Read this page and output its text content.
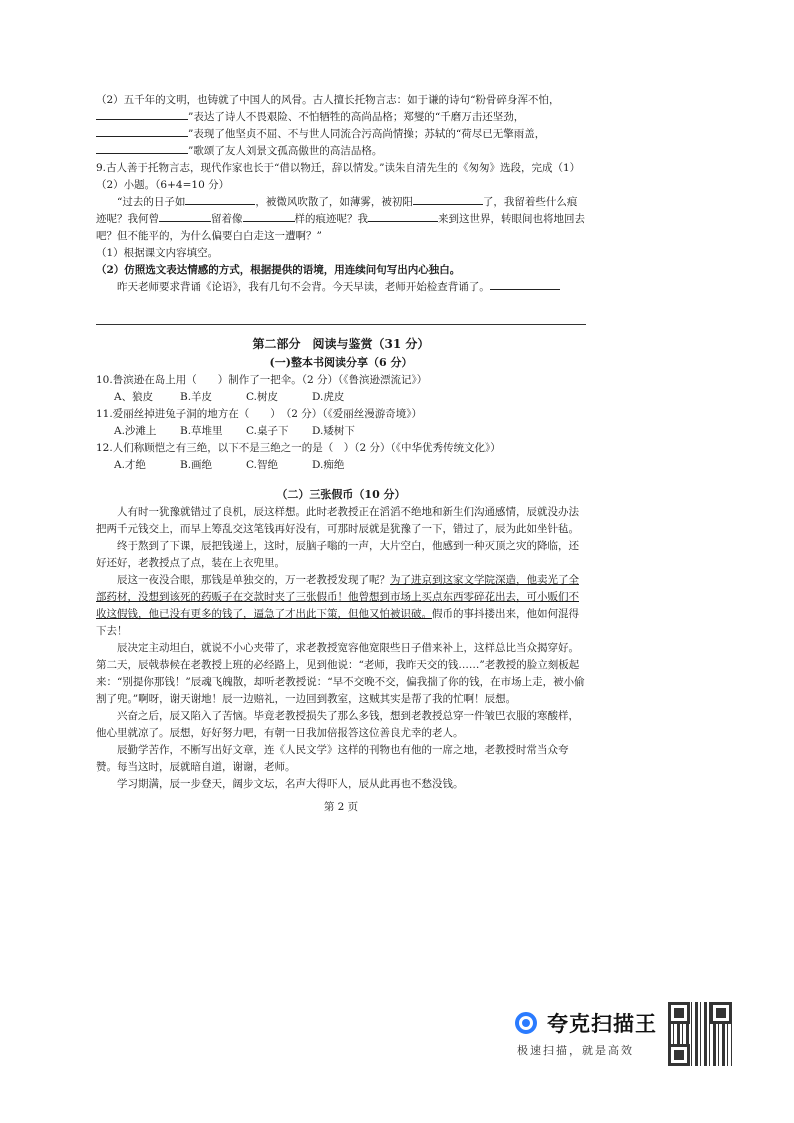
（2）五千年的文明，也铸就了中国人的风骨。古人擅长托物言志：如于谦的诗句“粉骨碎身浑不怕，”表达了诗人不畏艰险、不怕牺牲的高尚品格；郑燮的“千磨万击还坚劲，”表现了他坚贞不屈、不与世人同流合污高尚情操；苏轼的“荷尽已无擎雨盖，”歌颂了友人刘景文孤高傲世的高洁品格。

9.古人善于托物言志，现代作家也长于“借以物迁，辞以情发。”读朱自清先生的《匆匆》选段，完成（1）（2）小题。（6+4=10 分）

“过去的日子如	，被微风吹散了，如薄雾，被初阳	了，我留着些什么痕迹呢？我何曾	留着像	样的痕迹呢？我	来到这世界，转眼间也将地回去吧？但不能平的，为什么偏要白白走这一遭啊？”

（1）根据课文内容填空。

（2）仿照选文表达情感的方式，根据提供的语境，用连续问句写出内心独白。

昨天老师要求背诵《论语》，我有几句不会背。今天早读，老师开始检查背诵了。

第二部分　阅读与鉴赏（31 分）
(一)整本书阅读分享（6 分）

10.鲁滨逊在岛上用（　　）制作了一把伞。（2 分）（《鲁滨逊漂流记》）

A、狼皮	B.羊皮	C.树皮	D.虎皮

11.爱丽丝掉进兔子洞的地方在（　　）　（2 分）（《爱丽丝漫游奇境》）

A.沙滩上	B.草堆里	C.桌子下	D.矮树下

12.人们称顾恺之有三绝，以下不是三绝之一的是（　）（2 分）（《中华优秀传统文化》）

A.才绝	B.画绝	C.智绝	D.痴绝
（二）三张假币（10 分）

人有时一犹豫就错过了良机，辰这样想。此时老教授正在滔滔不绝地和新生们沟通感情，辰就没办法把两千元钱交上，而早上筹乱交这笔钱再好没有，可那时辰就是犹豫了一下，错过了，辰为此如坐针毡。

终于熬到了下课，辰把钱递上，这时，辰脑子嗡的一声，大片空白，他感到一种灭顶之灾的降临，还好还好，老教授点了点，装在上衣兜里。

辰这一夜没合眼，那钱是单独交的，万一老教授发现了呢？为了进京到这家文学院深造，他卖光了全部药材，没想到该死的药贩子在交款时夹了三张假币！他曾想到市场上买点东西零碎花出去，可小贩们不收这假钱，他已没有更多的钱了，逼急了才出此下策，但他又怕被识破。假币的事抖搂出来，他如何混得下去！

辰决定主动坦白，就说不小心夹带了，求老教授宽容他宽限些日子借来补上，这样总比当众揭穿好。第二天，辰戟恭候在老教授上班的必经路上，见到他说：“老师，我昨天交的钱……”老教授的脸立刻板起来：“别提你那钱！”辰魂飞魄散，却听老教授说：“早不交晚不交，偏我揣了你的钱，在市场上走，被小偷割了兜。”啊呀，谢天谢地！辰一边赔礼，一边回到教室，这贼其实是帮了我的忙啊！辰想。

兴奋之后，辰又陷入了苦恼。毕竟老教授损失了那么多钱，想到老教授总穿一件皱巴衣服的寒酸样，他心里就凉了。辰想，好好努力吧，有朝一日我加倍报答这位善良尤幸的老人。

辰勤学苦作，不断写出好文章，连《人民文学》这样的刊物也有他的一席之地，老教授时常当众夸赞。每当这时，辰就暗自道，谢谢，老师。

学习期满，辰一步登天，阔步文坛，名声大得吓人，辰从此再也不愁没钱。

第 2 页
夸克扫描王
极速扫描，就是高效
